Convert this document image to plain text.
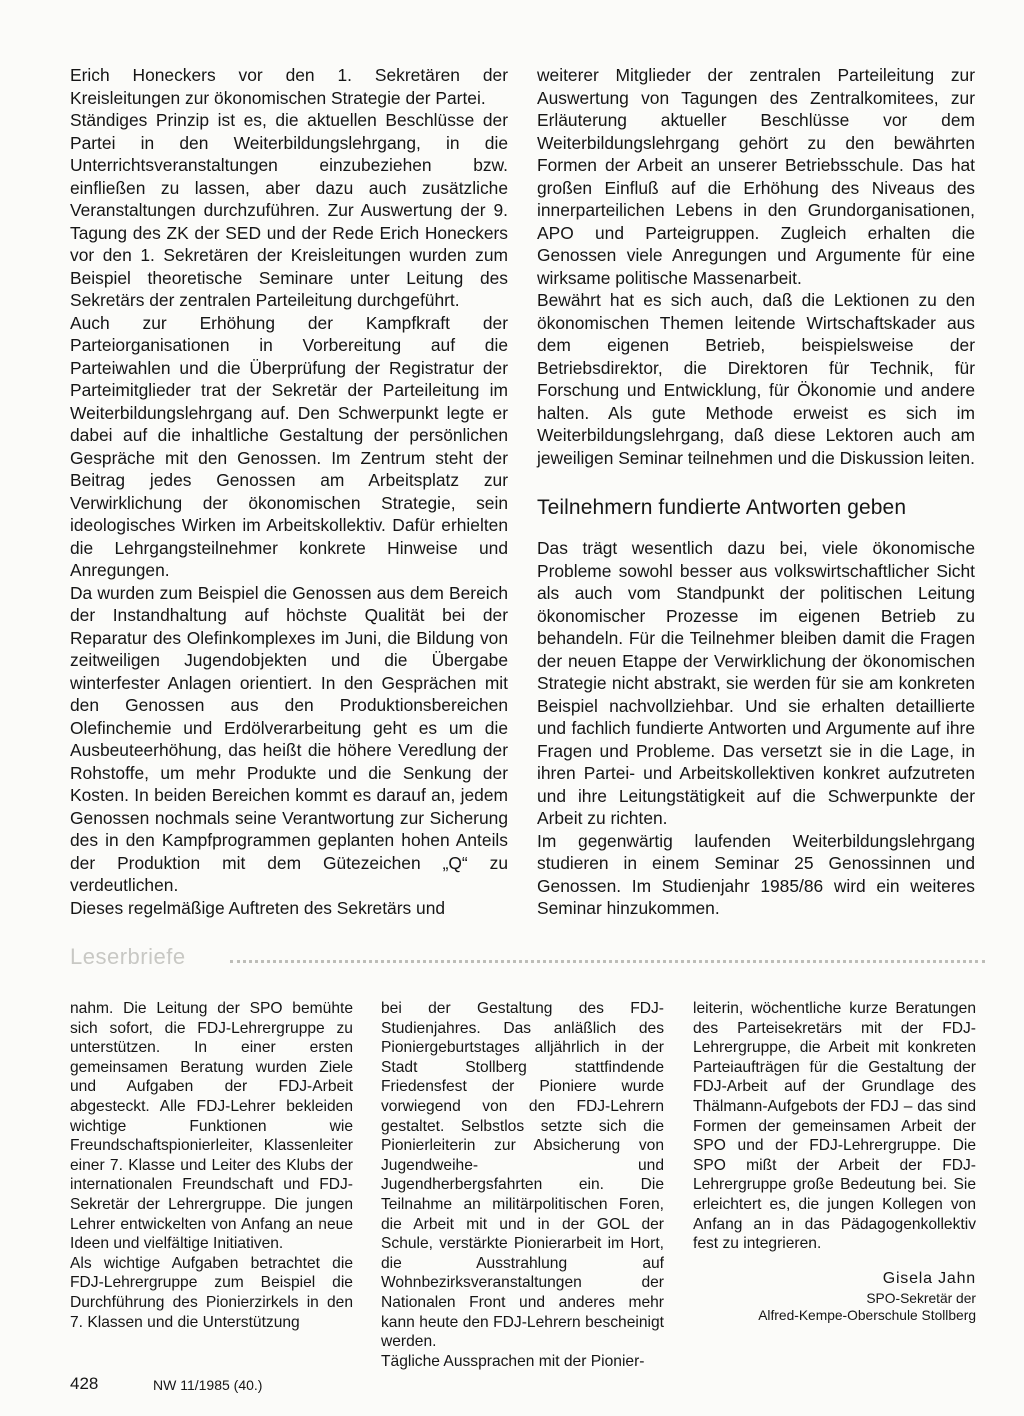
Erich Honeckers vor den 1. Sekretären der Kreisleitungen zur ökonomischen Strategie der Partei.

Ständiges Prinzip ist es, die aktuellen Beschlüsse der Partei in den Weiterbildungslehrgang, in die Unterrichtsveranstaltungen einzubeziehen bzw. einfließen zu lassen, aber dazu auch zusätzliche Veranstaltungen durchzuführen. Zur Auswertung der 9. Tagung des ZK der SED und der Rede Erich Honeckers vor den 1. Sekretären der Kreisleitungen wurden zum Beispiel theoretische Seminare unter Leitung des Sekretärs der zentralen Parteileitung durchgeführt.

Auch zur Erhöhung der Kampfkraft der Parteiorganisationen in Vorbereitung auf die Parteiwahlen und die Überprüfung der Registratur der Parteimitglieder trat der Sekretär der Parteileitung im Weiterbildungslehrgang auf. Den Schwerpunkt legte er dabei auf die inhaltliche Gestaltung der persönlichen Gespräche mit den Genossen. Im Zentrum steht der Beitrag jedes Genossen am Arbeitsplatz zur Verwirklichung der ökonomischen Strategie, sein ideologisches Wirken im Arbeitskollektiv. Dafür erhielten die Lehrgangsteilnehmer konkrete Hinweise und Anregungen.

Da wurden zum Beispiel die Genossen aus dem Bereich der Instandhaltung auf höchste Qualität bei der Reparatur des Olefinkomplexes im Juni, die Bildung von zeitweiligen Jugendobjekten und die Übergabe winterfester Anlagen orientiert. In den Gesprächen mit den Genossen aus den Produktionsbereichen Olefinchemie und Erdölverarbeitung geht es um die Ausbeuteerhöhung, das heißt die höhere Veredlung der Rohstoffe, um mehr Produkte und die Senkung der Kosten. In beiden Bereichen kommt es darauf an, jedem Genossen nochmals seine Verantwortung zur Sicherung des in den Kampfprogrammen geplanten hohen Anteils der Produktion mit dem Gütezeichen „Q“ zu verdeutlichen.

Dieses regelmäßige Auftreten des Sekretärs und

weiterer Mitglieder der zentralen Parteileitung zur Auswertung von Tagungen des Zentralkomitees, zur Erläuterung aktueller Beschlüsse vor dem Weiterbildungslehrgang gehört zu den bewährten Formen der Arbeit an unserer Betriebsschule. Das hat großen Einfluß auf die Erhöhung des Niveaus des innerparteilichen Lebens in den Grundorganisationen, APO und Parteigruppen. Zugleich erhalten die Genossen viele Anregungen und Argumente für eine wirksame politische Massenarbeit.

Bewährt hat es sich auch, daß die Lektionen zu den ökonomischen Themen leitende Wirtschaftskader aus dem eigenen Betrieb, beispielsweise der Betriebsdirektor, die Direktoren für Technik, für Forschung und Entwicklung, für Ökonomie und andere halten. Als gute Methode erweist es sich im Weiterbildungslehrgang, daß diese Lektoren auch am jeweiligen Seminar teilnehmen und die Diskussion leiten.

Teilnehmern fundierte Antworten geben

Das trägt wesentlich dazu bei, viele ökonomische Probleme sowohl besser aus volkswirtschaftlicher Sicht als auch vom Standpunkt der politischen Leitung ökonomischer Prozesse im eigenen Betrieb zu behandeln. Für die Teilnehmer bleiben damit die Fragen der neuen Etappe der Verwirklichung der ökonomischen Strategie nicht abstrakt, sie werden für sie am konkreten Beispiel nachvollziehbar. Und sie erhalten detaillierte und fachlich fundierte Antworten und Argumente auf ihre Fragen und Probleme. Das versetzt sie in die Lage, in ihren Partei- und Arbeitskollektiven konkret aufzutreten und ihre Leitungstätigkeit auf die Schwerpunkte der Arbeit zu richten.

Im gegenwärtig laufenden Weiterbildungslehrgang studieren in einem Seminar 25 Genossinnen und Genossen. Im Studienjahr 1985/86 wird ein weiteres Seminar hinzukommen.

Leserbriefe

nahm. Die Leitung der SPO bemühte sich sofort, die FDJ-Lehrergruppe zu unterstützen. In einer ersten gemeinsamen Beratung wurden Ziele und Aufgaben der FDJ-Arbeit abgesteckt. Alle FDJ-Lehrer bekleiden wichtige Funktionen wie Freundschaftspionierleiter, Klassenleiter einer 7. Klasse und Leiter des Klubs der internationalen Freundschaft und FDJ-Sekretär der Lehrergruppe. Die jungen Lehrer entwickelten von Anfang an neue Ideen und vielfältige Initiativen.

Als wichtige Aufgaben betrachtet die FDJ-Lehrergruppe zum Beispiel die Durchführung des Pionierzirkels in den 7. Klassen und die Unterstützung

bei der Gestaltung des FDJ-Studienjahres. Das anläßlich des Pioniergeburtstages alljährlich in der Stadt Stollberg stattfindende Friedensfest der Pioniere wurde vorwiegend von den FDJ-Lehrern gestaltet. Selbstlos setzte sich die Pionierleiterin zur Absicherung von Jugendweihe- und Jugendherbergsfahrten ein. Die Teilnahme an militärpolitischen Foren, die Arbeit mit und in der GOL der Schule, verstärkte Pionierarbeit im Hort, die Ausstrahlung auf Wohnbezirksveranstaltungen der Nationalen Front und anderes mehr kann heute den FDJ-Lehrern bescheinigt werden.

Tägliche Aussprachen mit der Pionier-

leiterin, wöchentliche kurze Beratungen des Parteisekretärs mit der FDJ-Lehrergruppe, die Arbeit mit konkreten Parteiaufträgen für die Gestaltung der FDJ-Arbeit auf der Grundlage des Thälmann-Aufgebots der FDJ – das sind Formen der gemeinsamen Arbeit der SPO und der FDJ-Lehrergruppe. Die SPO mißt der Arbeit der FDJ-Lehrergruppe große Bedeutung bei. Sie erleichtert es, die jungen Kollegen von Anfang an in das Pädagogenkollektiv fest zu integrieren.

Gisela Jahn
SPO-Sekretär der
Alfred-Kempe-Oberschule Stollberg
428	NW 11/1985 (40.)
